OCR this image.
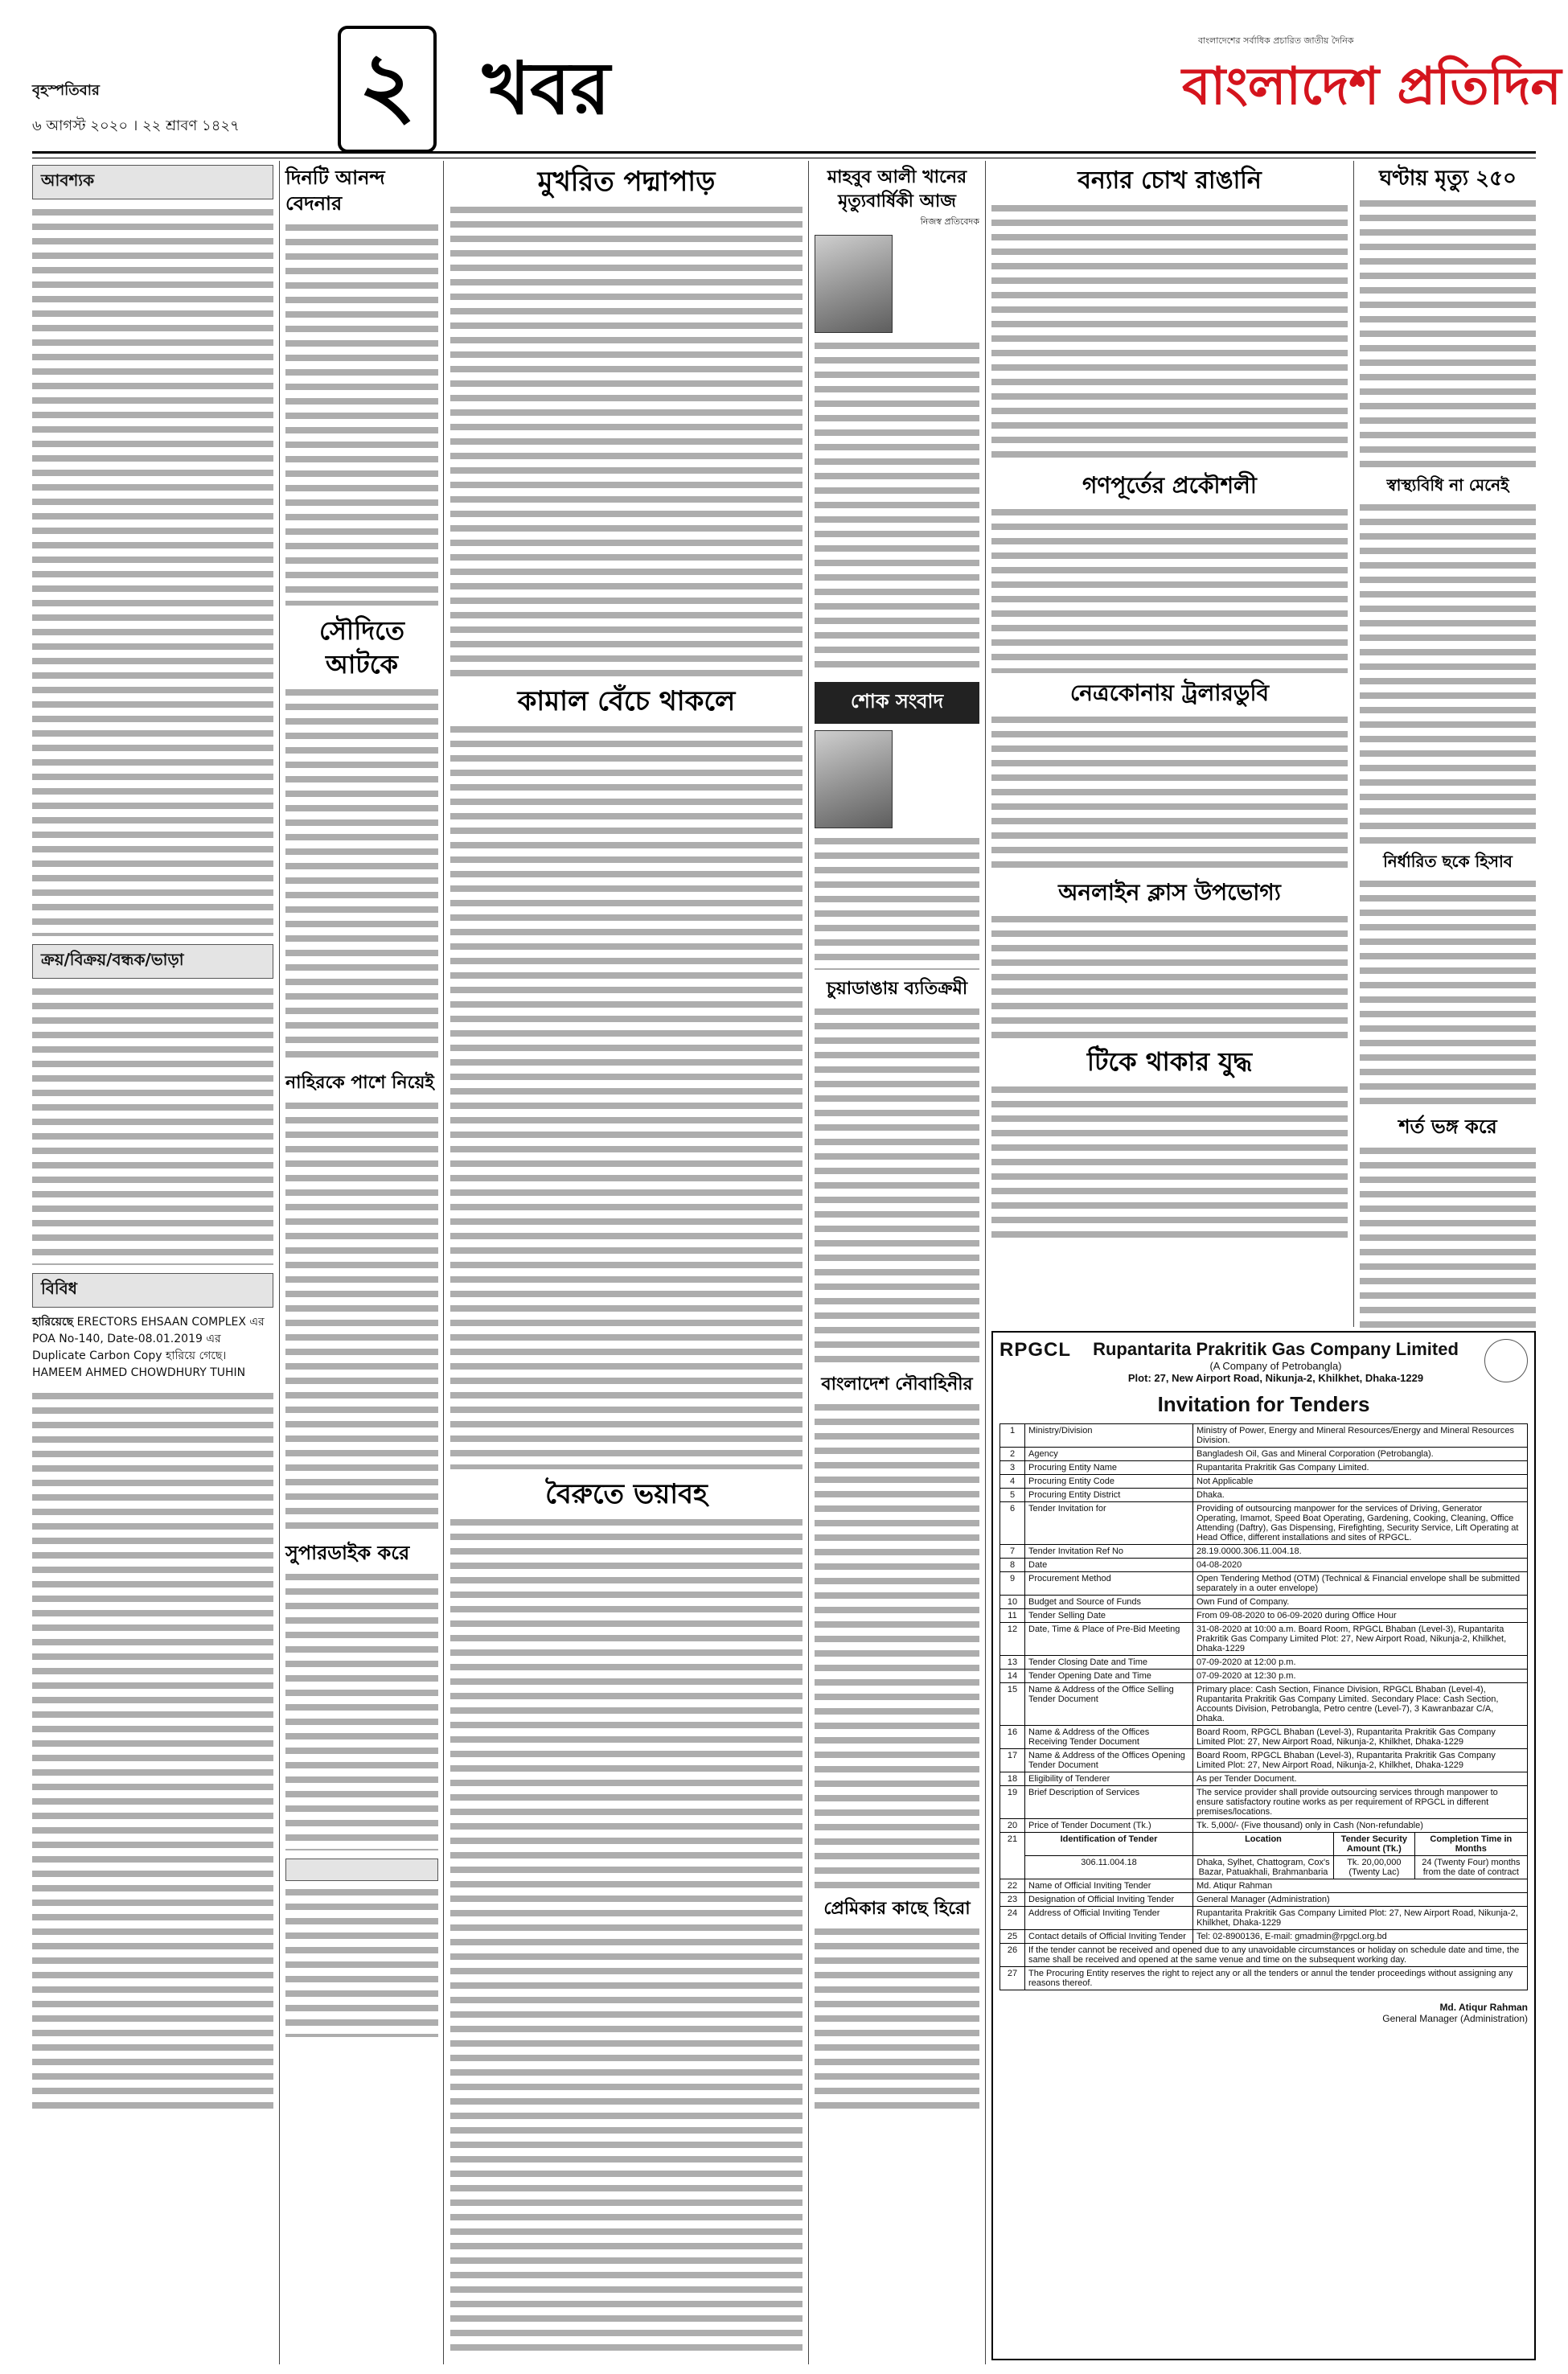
বৃহস্পতিবার
৬ আগস্ট ২০২০ । ২২ শ্রাবণ ১৪২৭ ২ খবর
বাংলাদেশের সর্বাধিক প্রচারিত জাতীয় দৈনিক
বাংলাদেশ প্রতিদিন
আবশ্যক
ক্রয়/বিক্রয়/বন্ধক/ভাড়া
বিবিধ
হারিয়েছে ERECTORS EHSAAN COMPLEX এর POA No-140, Date-08.01.2019 এর Duplicate Carbon Copy হারিয়ে গেছে। HAMEEM AHMED CHOWDHURY TUHIN
দিনটি আনন্দ বেদনার
সৌদিতে আটকে
নাহিরকে পাশে নিয়েই
সুপারডাইক করে
মুখরিত পদ্মাপাড়
কামাল বেঁচে থাকলে
বৈরুতে ভয়াবহ
মাহবুব আলী খানের মৃত্যুবার্ষিকী আজ
নিজস্ব প্রতিবেদক
শোক সংবাদ
চুয়াডাঙায় ব্যতিক্রমী
বাংলাদেশ নৌবাহিনীর
প্রেমিকার কাছে হিরো
বন্যার চোখ রাঙানি
গণপূর্তের প্রকৌশলী
নেত্রকোনায় ট্রলারডুবি
অনলাইন ক্লাস উপভোগ্য
টিকে থাকার যুদ্ধ
ঘণ্টায় মৃত্যু ২৫০
স্বাস্থ্যবিধি না মেনেই
নির্ধারিত ছকে হিসাব
শর্ত ভঙ্গ করে
RPGCL	Rupantarita Prakritik Gas Company Limited
(A Company of Petrobangla)
Plot: 27, New Airport Road, Nikunja-2, Khilkhet, Dhaka-1229
Invitation for Tenders
1	Ministry/Division	Ministry of Power, Energy and Mineral Resources/Energy and Mineral Resources Division.		
2	Agency	Bangladesh Oil, Gas and Mineral Corporation (Petrobangla).		
3	Procuring Entity Name	Rupantarita Prakritik Gas Company Limited.		
4	Procuring Entity Code	Not Applicable		
5	Procuring Entity District	Dhaka.		
6	Tender Invitation for	Providing of outsourcing manpower for the services of Driving, Generator Operating, Imamot, Speed Boat Operating, Gardening, Cooking, Cleaning, Office Attending (Daftry), Gas Dispensing, Firefighting, Security Service, Lift Operating at Head Office, different installations and sites of RPGCL.		
7	Tender Invitation Ref No	28.19.0000.306.11.004.18.		
8	Date	04-08-2020		
9	Procurement Method	Open Tendering Method (OTM) (Technical & Financial envelope shall be submitted separately in a outer envelope)		
10	Budget and Source of Funds	Own Fund of Company.		
11	Tender Selling Date	From 09-08-2020 to 06-09-2020 during Office Hour		
12	Date, Time & Place of Pre-Bid Meeting	31-08-2020 at 10:00 a.m. Board Room, RPGCL Bhaban (Level-3), Rupantarita Prakritik Gas Company Limited Plot: 27, New Airport Road, Nikunja-2, Khilkhet, Dhaka-1229		
13	Tender Closing Date and Time	07-09-2020 at 12:00 p.m.		
14	Tender Opening Date and Time	07-09-2020 at 12:30 p.m.		
15	Name & Address of the Office Selling Tender Document	Primary place: Cash Section, Finance Division, RPGCL Bhaban (Level-4), Rupantarita Prakritik Gas Company Limited. Secondary Place: Cash Section, Accounts Division, Petrobangla, Petro centre (Level-7), 3 Kawranbazar C/A, Dhaka.		
16	Name & Address of the Offices Receiving Tender Document	Board Room, RPGCL Bhaban (Level-3), Rupantarita Prakritik Gas Company Limited Plot: 27, New Airport Road, Nikunja-2, Khilkhet, Dhaka-1229		
17	Name & Address of the Offices Opening Tender Document	Board Room, RPGCL Bhaban (Level-3), Rupantarita Prakritik Gas Company Limited Plot: 27, New Airport Road, Nikunja-2, Khilkhet, Dhaka-1229		
18	Eligibility of Tenderer	As per Tender Document.		
19	Brief Description of Services	The service provider shall provide outsourcing services through manpower to ensure satisfactory routine works as per requirement of RPGCL in different premises/locations.		
20	Price of Tender Document (Tk.)	Tk. 5,000/- (Five thousand) only in Cash (Non-refundable)		
21	Identification of Tender	Location	Tender Security Amount (Tk.)	Completion Time in Months
	306.11.004.18	Dhaka, Sylhet, Chattogram, Cox's Bazar, Patuakhali, Brahmanbaria	Tk. 20,00,000 (Twenty Lac)	24 (Twenty Four) months from the date of contract
22	Name of Official Inviting Tender	Md. Atiqur Rahman		
23	Designation of Official Inviting Tender	General Manager (Administration)		
24	Address of Official Inviting Tender	Rupantarita Prakritik Gas Company Limited Plot: 27, New Airport Road, Nikunja-2, Khilkhet, Dhaka-1229		
25	Contact details of Official Inviting Tender	Tel: 02-8900136, E-mail: gmadmin@rpgcl.org.bd		
26	If the tender cannot be received and opened due to any unavoidable circumstances or holiday on schedule date and time, the same shall be received and opened at the same venue and time on the subsequent working day.			
27	The Procuring Entity reserves the right to reject any or all the tenders or annul the tender proceedings without assigning any reasons thereof.			
Md. Atiqur Rahman
General Manager (Administration)
